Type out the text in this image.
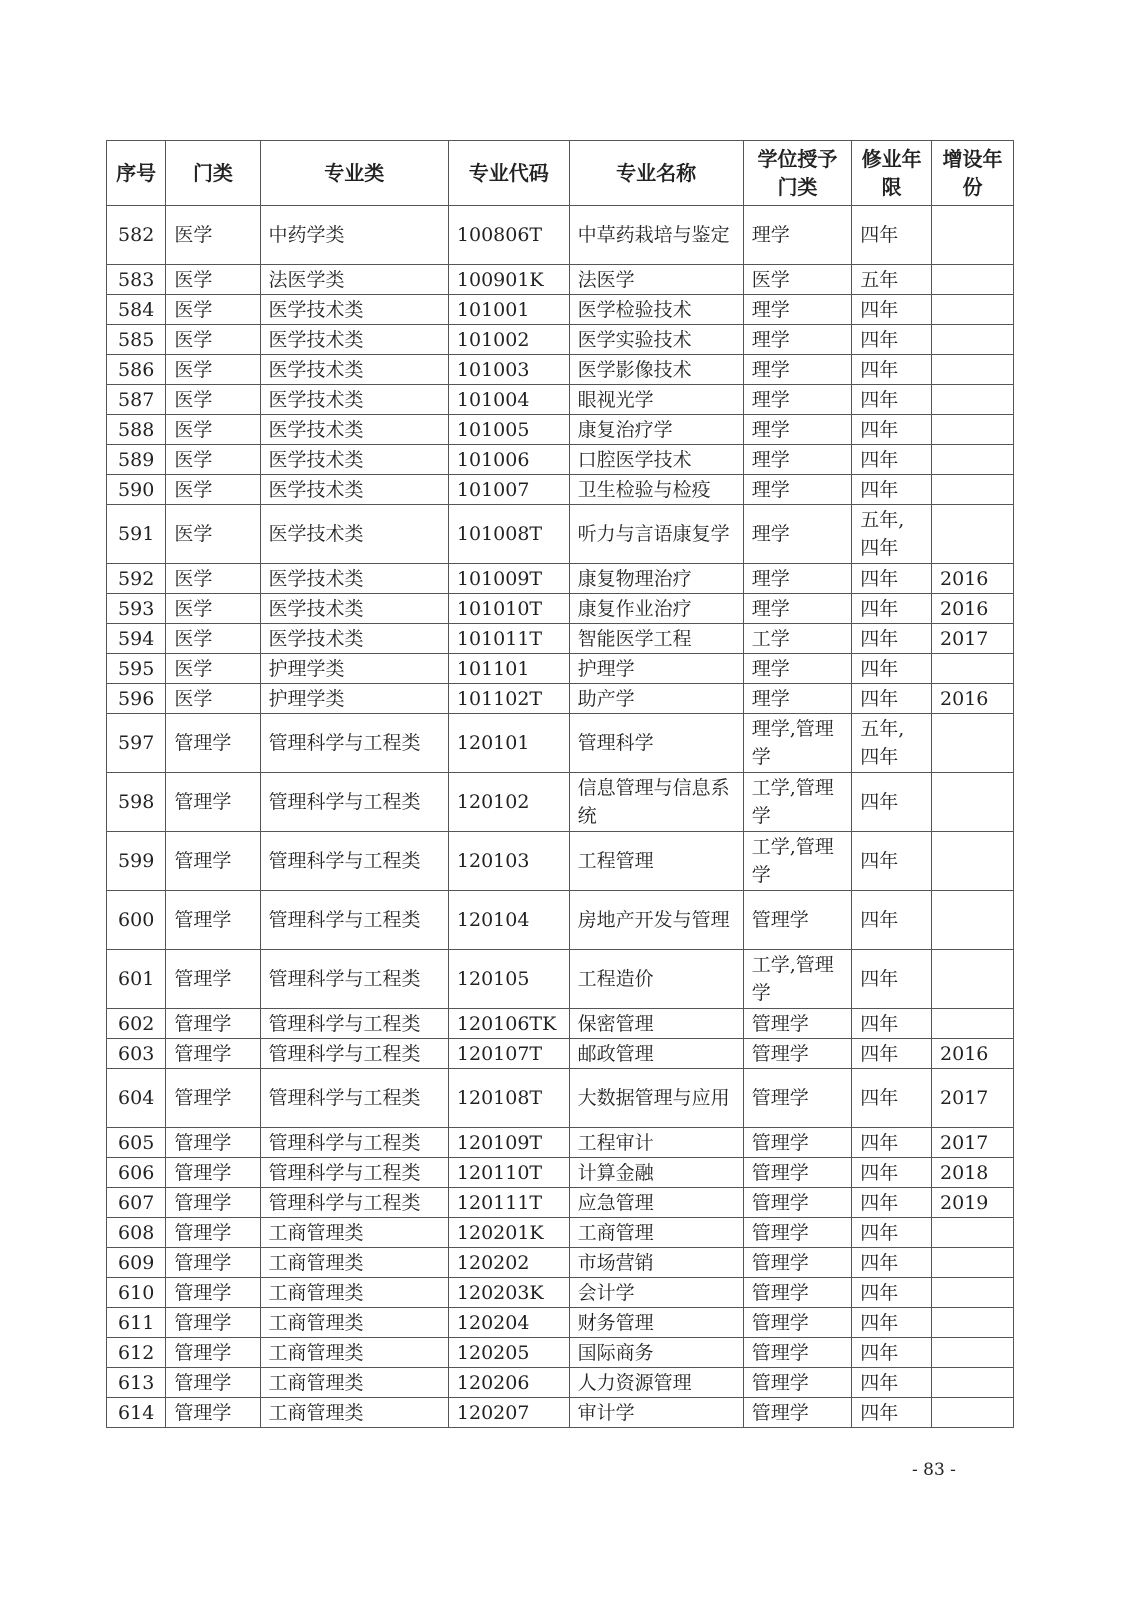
序号	门类	专业类	专业代码	专业名称	学位授予门类	修业年限	增设年份
582	医学	中药学类	100806T	中草药栽培与鉴定	理学	四年	
583	医学	法医学类	100901K	法医学	医学	五年	
584	医学	医学技术类	101001	医学检验技术	理学	四年	
585	医学	医学技术类	101002	医学实验技术	理学	四年	
586	医学	医学技术类	101003	医学影像技术	理学	四年	
587	医学	医学技术类	101004	眼视光学	理学	四年	
588	医学	医学技术类	101005	康复治疗学	理学	四年	
589	医学	医学技术类	101006	口腔医学技术	理学	四年	
590	医学	医学技术类	101007	卫生检验与检疫	理学	四年	
591	医学	医学技术类	101008T	听力与言语康复学	理学	五年,四年	
592	医学	医学技术类	101009T	康复物理治疗	理学	四年	2016
593	医学	医学技术类	101010T	康复作业治疗	理学	四年	2016
594	医学	医学技术类	101011T	智能医学工程	工学	四年	2017
595	医学	护理学类	101101	护理学	理学	四年	
596	医学	护理学类	101102T	助产学	理学	四年	2016
597	管理学	管理科学与工程类	120101	管理科学	理学,管理学	五年,四年	
598	管理学	管理科学与工程类	120102	信息管理与信息系统	工学,管理学	四年	
599	管理学	管理科学与工程类	120103	工程管理	工学,管理学	四年	
600	管理学	管理科学与工程类	120104	房地产开发与管理	管理学	四年	
601	管理学	管理科学与工程类	120105	工程造价	工学,管理学	四年	
602	管理学	管理科学与工程类	120106TK	保密管理	管理学	四年	
603	管理学	管理科学与工程类	120107T	邮政管理	管理学	四年	2016
604	管理学	管理科学与工程类	120108T	大数据管理与应用	管理学	四年	2017
605	管理学	管理科学与工程类	120109T	工程审计	管理学	四年	2017
606	管理学	管理科学与工程类	120110T	计算金融	管理学	四年	2018
607	管理学	管理科学与工程类	120111T	应急管理	管理学	四年	2019
608	管理学	工商管理类	120201K	工商管理	管理学	四年	
609	管理学	工商管理类	120202	市场营销	管理学	四年	
610	管理学	工商管理类	120203K	会计学	管理学	四年	
611	管理学	工商管理类	120204	财务管理	管理学	四年	
612	管理学	工商管理类	120205	国际商务	管理学	四年	
613	管理学	工商管理类	120206	人力资源管理	管理学	四年	
614	管理学	工商管理类	120207	审计学	管理学	四年	
- 83 -
